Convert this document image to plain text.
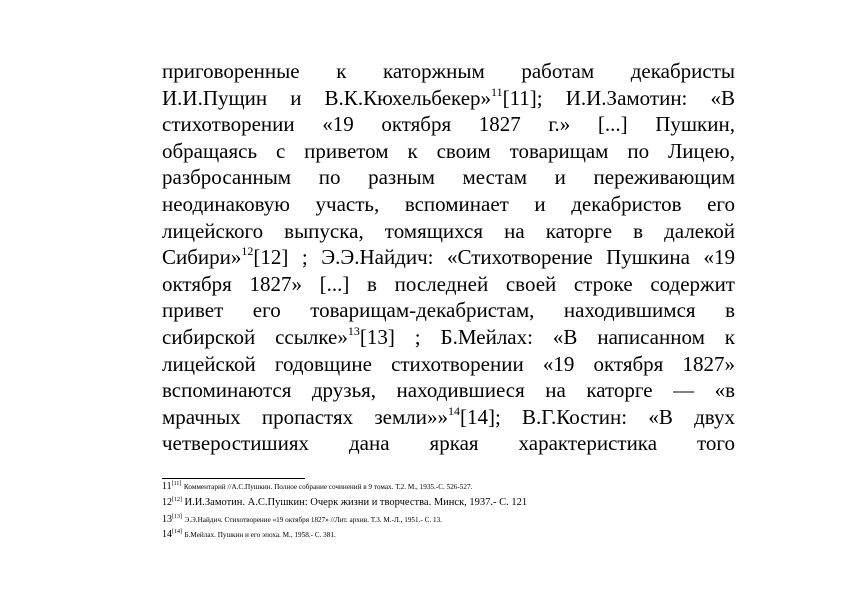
приговоренные к каторжным работам декабристы
И.И.Пущин и В.К.Кюхельбекер»$^{11}$[11]; И.И.Замотин: «В
стихотворении «19 октября 1827 г.» [...] Пушкин,
обращаясь с приветом к своим товарищам по Лицею,
разбросанным по разным местам и переживающим
неодинаковую участь, вспоминает и декабристов его
лицейского выпуска, томящихся на каторге в далекой
Сибири»$^{12}$[12] ; Э.Э.Найдич: «Стихотворение Пушкина «19
октября 1827» [...] в последней своей строке содержит
привет его товарищам-декабристам, находившимся в
сибирской ссылке»$^{13}$[13] ; Б.Мейлах: «В написанном к
лицейской годовщине стихотворении «19 октября 1827»
вспоминаются друзья, находившиеся на каторге — «в
мрачных пропастях земли»»$^{14}$[14]; В.Г.Костин: «В двух
четверостишиях дана яркая характеристика того
11[11] Комментарий //А.С.Пушкин. Полное собрание сочинений в 9 томах. Т.2. М., 1935.-С. 526-527.
12[12] И.И.Замотин. А.С.Пушкин: Очерк жизни и творчества. Минск, 1937.- С. 121
13[13] Э.Э.Найдич. Стихотворение «19 октября 1827» //Лит. архив. Т.3. М.-Л., 1951.- С. 13.
14[14] Б.Мейлах. Пушкин и его эпоха. М., 1958.- С. 381.
